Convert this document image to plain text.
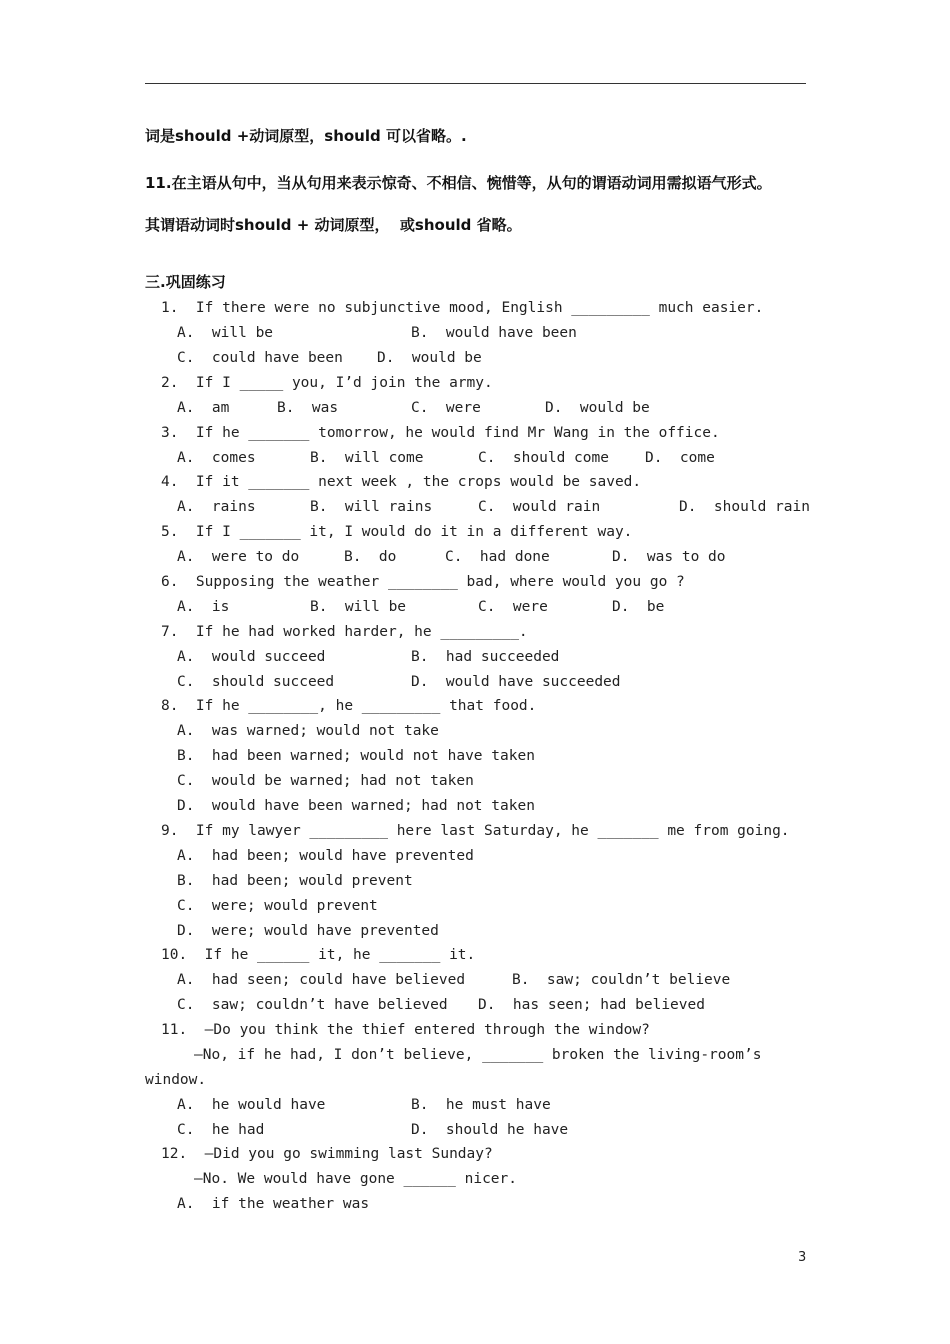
词是should +动词原型，should 可以省略。.
11.在主语从句中，当从句用来表示惊奇、不相信、惋惜等，从句的谓语动词用需拟语气形式。
其谓语动词时should + 动词原型，  或should 省略。
三.巩固练习
1.  If there were no subjunctive mood, English _________ much easier.
A.  will be	B.  would have been
C.  could have been D.  would be
2.  If I _____ you, I’d join the army.
A.  am	B.  was	C.  were	D.  would be
3.  If he _______ tomorrow, he would find Mr Wang in the office.
A.  comes	B.  will come	C.  should come D.  come
4.  If it _______ next week , the crops would be saved.
A.  rains	B.  will rains	C.  would rain	D.  should rain
5.  If I _______ it, I would do it in a different way.
A.  were to do	B.  do	C.  had done	D.  was to do
6.  Supposing the weather ________ bad, where would you go ?
A.  is	B.  will be	C.  were	D.  be
7.  If he had worked harder, he _________.
A.  would succeed	B.  had succeeded
C.  should succeed	D.  would have succeeded
8.  If he ________, he _________ that food.
A.  was warned; would not take
B.  had been warned; would not have taken
C.  would be warned; had not taken
D.  would have been warned; had not taken
9.  If my lawyer _________ here last Saturday, he _______ me from going.
A.  had been; would have prevented
B.  had been; would prevent
C.  were; would prevent
D.  were; would have prevented
10.  If he ______ it, he _______ it.
A.  had seen; could have believed	B.  saw; couldn’t believe
C.  saw; couldn’t have believed D.  has seen; had believed
11.  —Do you think the thief entered through the window?
—No, if he had, I don’t believe, _______ broken the living-room’s
window.
A.  he would have	B.  he must have
C.  he had	D.  should he have
12.  —Did you go swimming last Sunday?
—No. We would have gone ______ nicer.
A.  if the weather was
3
